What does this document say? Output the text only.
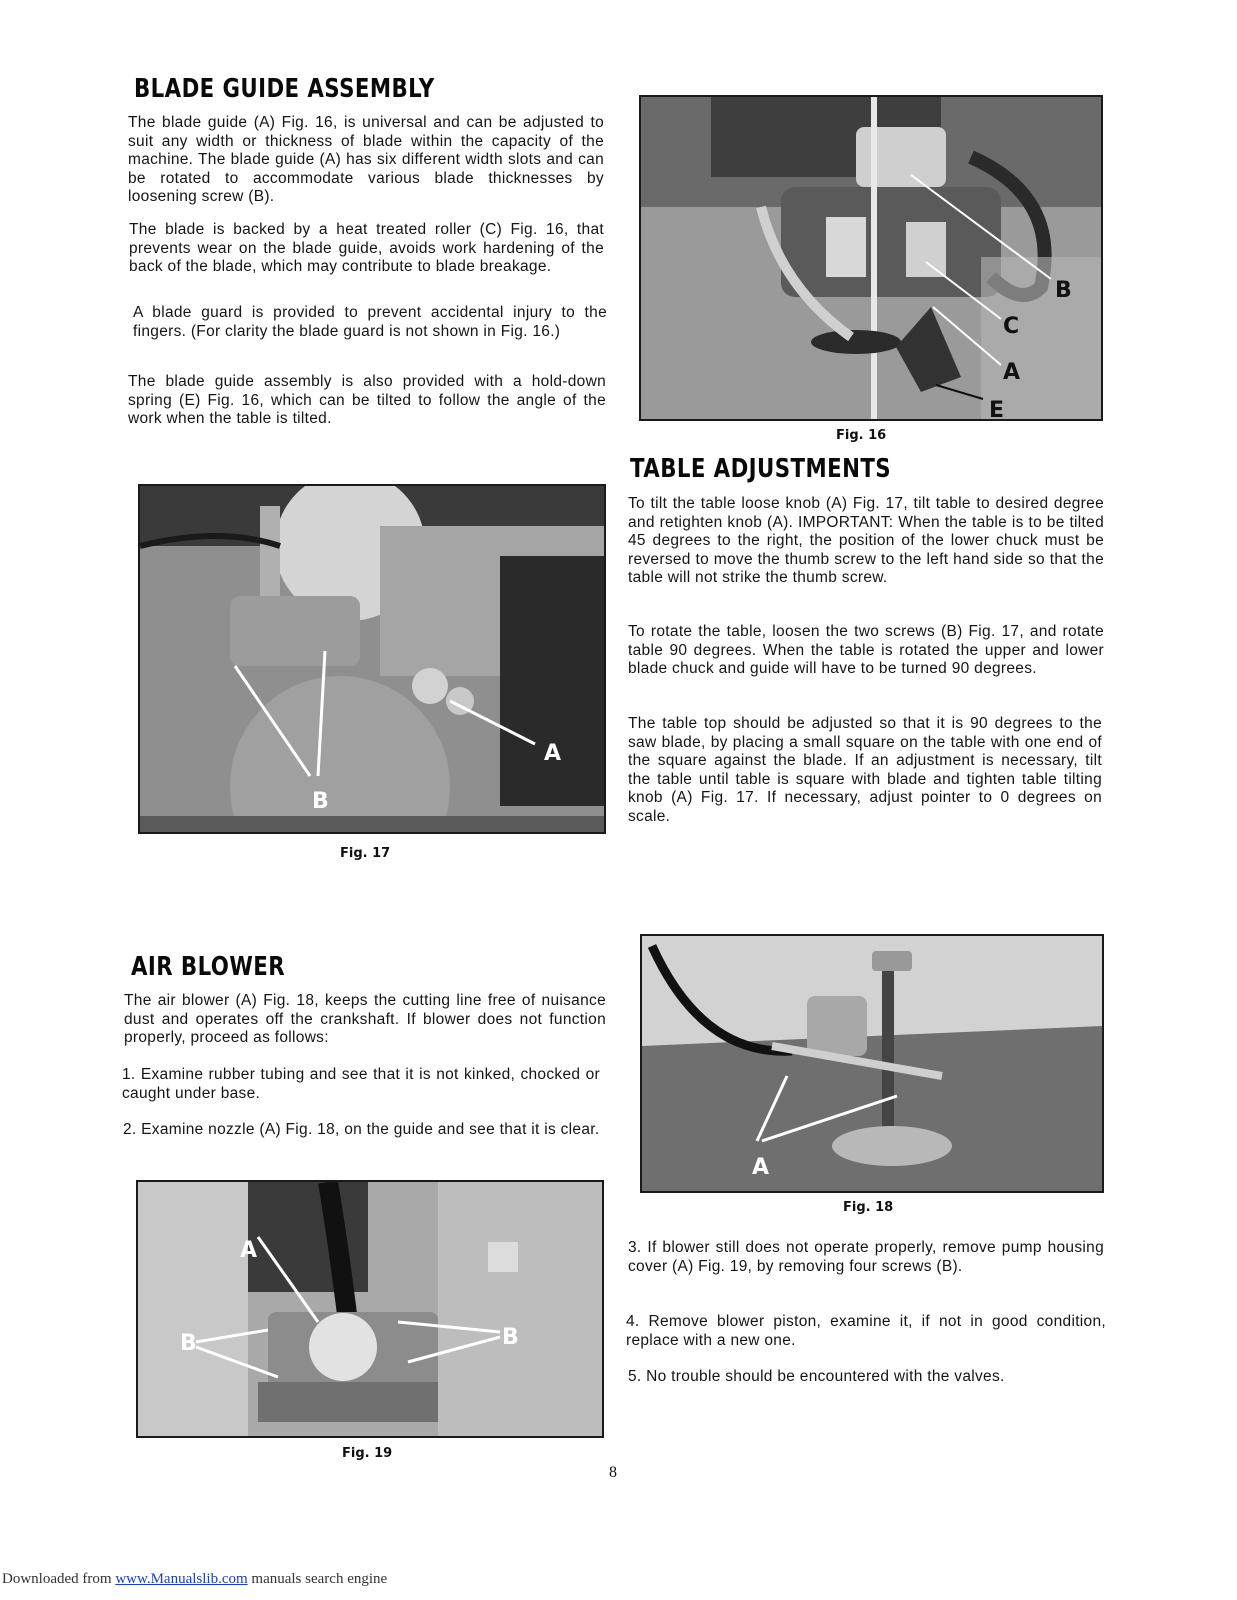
BLADE GUIDE ASSEMBLY

The blade guide (A) Fig. 16, is universal and can be adjusted to suit any width or thickness of blade within the capacity of the machine. The blade guide (A) has six different width slots and can be rotated to accommodate various blade thicknesses by loosening screw (B).

The blade is backed by a heat treated roller (C) Fig. 16, that prevents wear on the blade guide, avoids work hardening of the back of the blade, which may contribute to blade breakage.

A blade guard is provided to prevent accidental injury to the fingers. (For clarity the blade guard is not shown in Fig. 16.)

The blade guide assembly is also provided with a hold-down spring (E) Fig. 16, which can be tilted to follow the angle of the work when the table is tilted.

B
C
A
E

Fig. 16

TABLE ADJUSTMENTS

To tilt the table loose knob (A) Fig. 17, tilt table to desired degree and retighten knob (A). IMPORTANT: When the table is to be tilted 45 degrees to the right, the position of the lower chuck must be reversed to move the thumb screw to the left hand side so that the table will not strike the thumb screw.

To rotate the table, loosen the two screws (B) Fig. 17, and rotate table 90 degrees. When the table is rotated the upper and lower blade chuck and guide will have to be turned 90 degrees.

The table top should be adjusted so that it is 90 degrees to the saw blade, by placing a small square on the table with one end of the square against the blade. If an adjustment is necessary, tilt the table until table is square with blade and tighten table tilting knob (A) Fig. 17. If necessary, adjust pointer to 0 degrees on scale.

A
B

Fig. 17

AIR BLOWER

The air blower (A) Fig. 18, keeps the cutting line free of nuisance dust and operates off the crankshaft. If blower does not function properly, proceed as follows:

1. Examine rubber tubing and see that it is not kinked, chocked or caught under base.

2. Examine nozzle (A) Fig. 18, on the guide and see that it is clear.

A

Fig. 18

3. If blower still does not operate properly, remove pump housing cover (A) Fig. 19, by removing four screws (B).

4. Remove blower piston, examine it, if not in good condition, replace with a new one.

5. No trouble should be encountered with the valves.

A
B	B

Fig. 19

8
Downloaded from www.Manualslib.com manuals search engine
